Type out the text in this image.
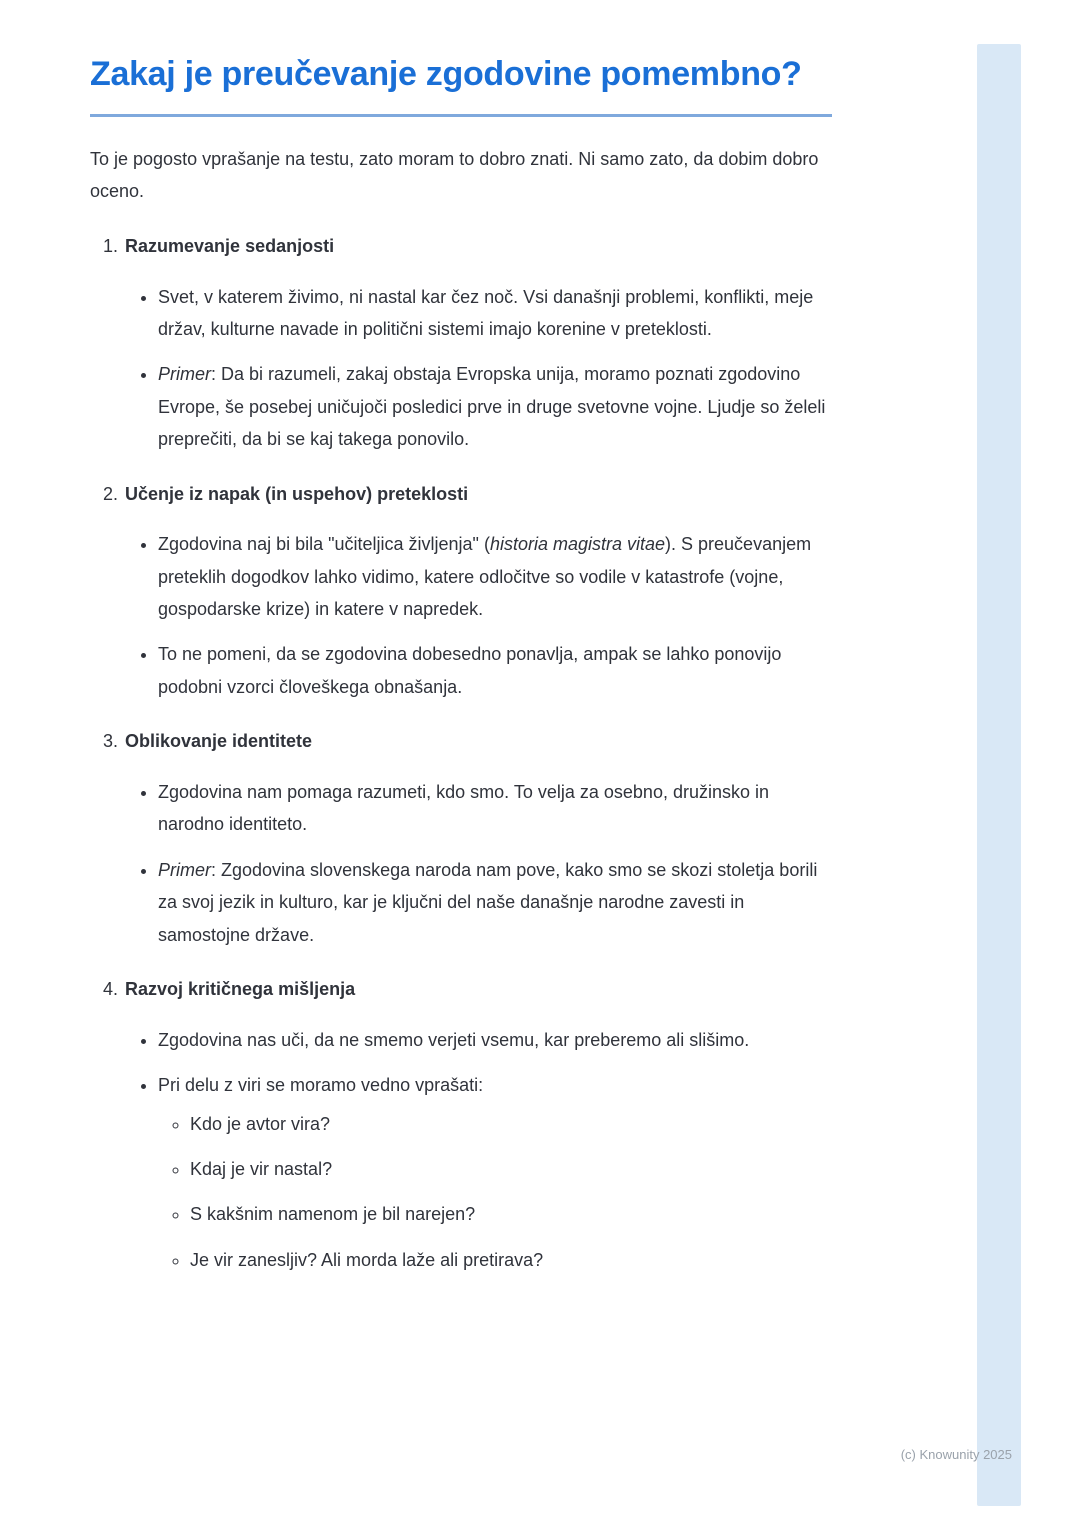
Zakaj je preučevanje zgodovine pomembno?

To je pogosto vprašanje na testu, zato moram to dobro znati. Ni samo zato, da dobim dobro oceno.

1. Razumevanje sedanjosti
• Svet, v katerem živimo, ni nastal kar čez noč. Vsi današnji problemi, konflikti, meje držav, kulturne navade in politični sistemi imajo korenine v preteklosti.
• Primer: Da bi razumeli, zakaj obstaja Evropska unija, moramo poznati zgodovino Evrope, še posebej uničujoči posledici prve in druge svetovne vojne. Ljudje so želeli preprečiti, da bi se kaj takega ponovilo.
2. Učenje iz napak (in uspehov) preteklosti
• Zgodovina naj bi bila "učiteljica življenja" (historia magistra vitae). S preučevanjem preteklih dogodkov lahko vidimo, katere odločitve so vodile v katastrofe (vojne, gospodarske krize) in katere v napredek.
• To ne pomeni, da se zgodovina dobesedno ponavlja, ampak se lahko ponovijo podobni vzorci človeškega obnašanja.
3. Oblikovanje identitete
• Zgodovina nam pomaga razumeti, kdo smo. To velja za osebno, družinsko in narodno identiteto.
• Primer: Zgodovina slovenskega naroda nam pove, kako smo se skozi stoletja borili za svoj jezik in kulturo, kar je ključni del naše današnje narodne zavesti in samostojne države.
4. Razvoj kritičnega mišljenja
• Zgodovina nas uči, da ne smemo verjeti vsemu, kar preberemo ali slišimo.
• Pri delu z viri se moramo vedno vprašati:
◦ Kdo je avtor vira?
◦ Kdaj je vir nastal?
◦ S kakšnim namenom je bil narejen?
◦ Je vir zanesljiv? Ali morda laže ali pretirava?
(c) Knowunity 2025
